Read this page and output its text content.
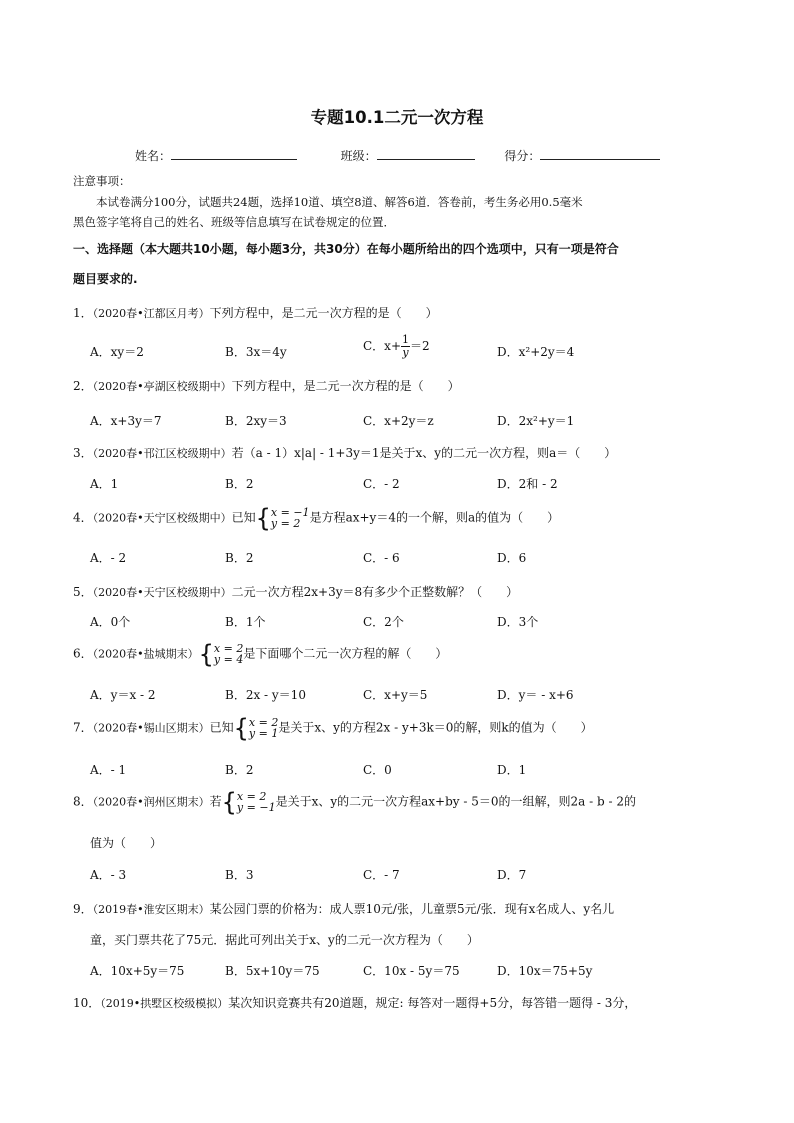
专题10.1二元一次方程
姓名：	班级：	得分：
注意事项：
本试卷满分100分，试题共24题，选择10道、填空8道、解答6道．答卷前，考生务必用0.5毫米
黑色签字笔将自己的姓名、班级等信息填写在试卷规定的位置．
一、选择题（本大题共10小题，每小题3分，共30分）在每小题所给出的四个选项中，只有一项是符合
题目要求的.
1．（2020春•江都区月考）下列方程中，是二元一次方程的是（　　）
A．xy＝2	B．3x＝4y	C．$x+ \frac{1}{y} =2$	D．x²+2y＝4
2．（2020春•亭湖区校级期中）下列方程中，是二元一次方程的是（　　）
A．x+3y＝7	B．2xy＝3	C．x+2y＝z	D．2x²+y＝1
3．（2020春•邗江区校级期中）若（a - 1）x|a| - 1+3y＝1是关于x、y的二元一次方程，则a＝（　　）
A．1	B．2	C．- 2	D．2和 - 2
4．（2020春•天宁区校级期中）已知{ x = −1
y = 2 是方程ax+y＝4的一个解，则a的值为（　　）
A．- 2	B．2	C．- 6	D．6
5．（2020春•天宁区校级期中）二元一次方程2x+3y＝8有多少个正整数解？（　　）
A．0个	B．1个	C．2个	D．3个
6．（2020春•盐城期末）{ x = 2
y = 4 是下面哪个二元一次方程的解（　　）
A．y＝x - 2	B．2x - y＝10	C．x+y＝5	D．y＝ - x+6
7．（2020春•锡山区期末）已知{ x = 2
y = 1 是关于x、y的方程2x - y+3k＝0的解，则k的值为（　　）
A．- 1	B．2	C．0	D．1
8．（2020春•润州区期末）若{ x = 2
y = −1 是关于x、y的二元一次方程ax+by - 5＝0的一组解，则2a - b - 2的
值为（　　）
A．- 3	B．3	C．- 7	D．7
9．（2019春•淮安区期末）某公园门票的价格为：成人票10元/张，儿童票5元/张．现有x名成人、y名儿
童，买门票共花了75元．据此可列出关于x、y的二元一次方程为（　　）
A．10x+5y＝75	B．5x+10y＝75	C．10x - 5y＝75	D．10x＝75+5y
10．（2019•拱墅区校级模拟）某次知识竞赛共有20道题，规定: 每答对一题得+5分，每答错一题得 - 3分，
